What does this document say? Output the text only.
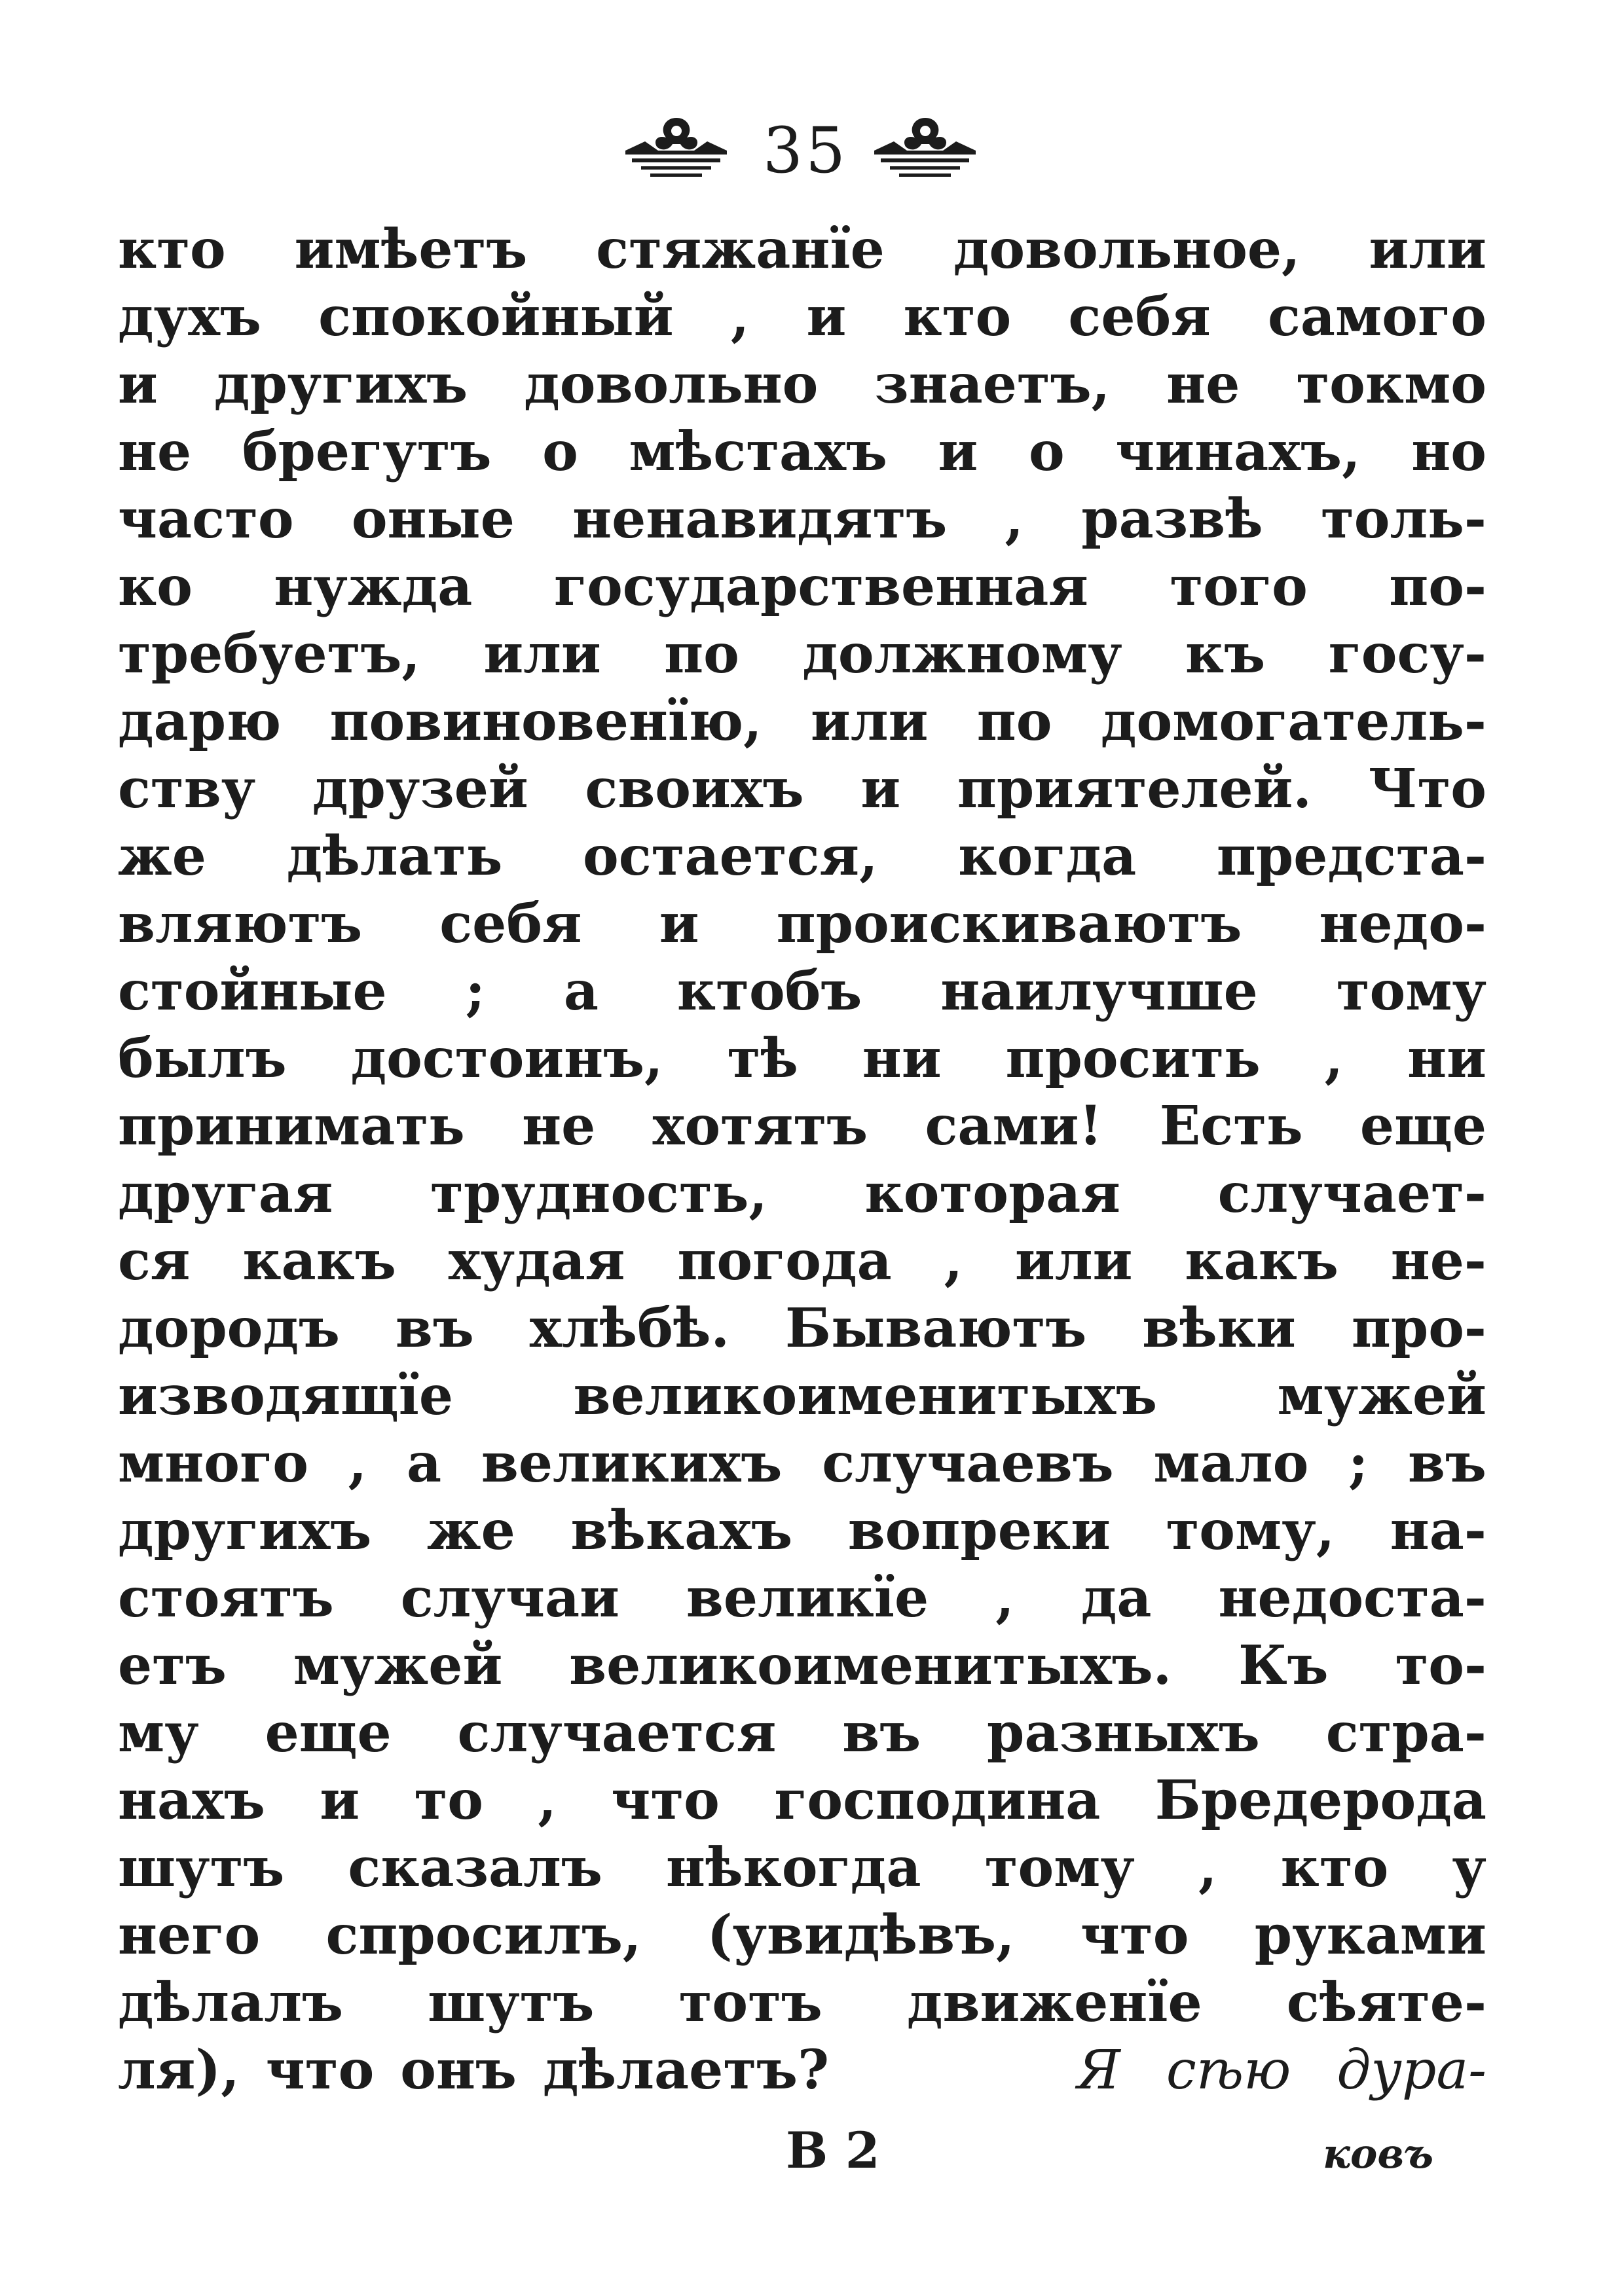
35
кто имѣетъ стяжанїе довольное, или
духъ спокойный , и кто себя самого
и другихъ довольно знаетъ, не токмо
не брегутъ о мѣстахъ и о чинахъ, но
часто оные ненавидятъ , развѣ толь-
ко нужда государственная того по-
требуетъ, или по должному къ госу-
дарю повиновенїю, или по домогатель-
ству друзей своихъ и приятелей. Что
же дѣлать остается, когда предста-
вляютъ себя и проискиваютъ недо-
стойные ; а ктобъ наилучше тому
былъ достоинъ, тѣ ни просить , ни
принимать не хотятъ сами! Есть еще
другая трудность, которая случает-
ся какъ худая погода , или какъ не-
дородъ въ хлѣбѣ. Бываютъ вѣки про-
изводящїе великоименитыхъ мужей
много , а великихъ случаевъ мало ; въ
другихъ же вѣкахъ вопреки тому, на-
стоятъ случаи великїе , да недоста-
етъ мужей великоименитыхъ. Къ то-
му еще случается въ разныхъ стра-
нахъ и то , что господина Бредерода
шутъ сказалъ нѣкогда тому , кто у
него спросилъ, (увидѣвъ, что руками
дѣлалъ шутъ тотъ движенїе сѣяте-
ля), что онъ дѣлаетъ?	Я сѣю дура-
В 2	ковъ
